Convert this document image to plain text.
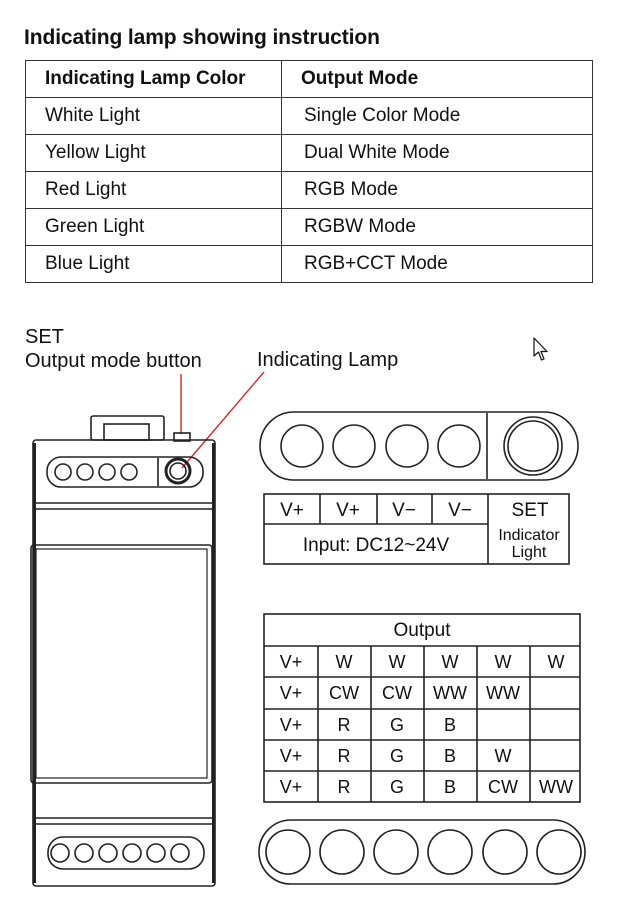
Indicating lamp showing instruction
Indicating Lamp Color	Output Mode
White Light	Single Color Mode
Yellow Light	Dual White Mode
Red Light	RGB Mode
Green Light	RGBW Mode
Blue Light	RGB+CCT Mode
SET
Output mode button	Indicating Lamp
V+ V+ V− V− SET
Input: DC12~24V	Indicator
Light
Output
V+ W W W W W
V+ CW CW WW WW
V+ R G B
V+ R G B W
V+ R G B CW WW
